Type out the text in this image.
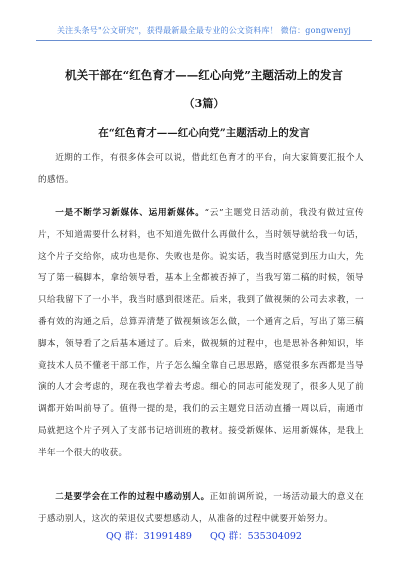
关注头条号"公文研究"，获得最新最全最专业的公文资料库！ 微信：gongwenyj
机关干部在“红色育才——红心向党”主题活动上的发言
（3篇）
在“红色育才——红心向党”主题活动上的发言
近期的工作，有很多体会可以说，借此红色育才的平台，向大家简要汇报个人的感悟。
一是不断学习新媒体、运用新媒体。“云”主题党日活动前，我没有做过宣传片，不知道需要什么材料，也不知道先做什么再做什么，当时领导就给我一句话，这个片子交给你，成功也是你、失败也是你。说实话，我当时感觉到压力山大，先写了第一稿脚本，拿给领导看，基本上全都被否掉了，当我写第二稿的时候，领导只给我留下了一小半，我当时感到很迷茫。后来，我到了做视频的公司去求教，一番有效的沟通之后，总算弄清楚了做视频该怎么做，一个通宵之后，写出了第三稿脚本，领导看了之后基本通过了。后来，做视频的过程中，也是思补各种知识，毕竟技术人员不懂老干部工作，片子怎么编全靠自己思思路，感觉很多东西都是当导演的人才会考虑的，现在我也学着去考虑。细心的同志可能发现了，很多人见了前调都开始叫前导了。值得一提的是，我们的云主题党日活动直播一周以后，南通市局就把这个片子列入了支部书记培训班的教材。接受新媒体、运用新媒体，是我上半年一个很大的收获。
二是要学会在工作的过程中感动别人。正如前调所说，一场活动最大的意义在于感动别人，这次的荣退仪式要想感动人，从准备的过程中就要开始努力。
QQ 群：31991489 QQ 群：535304092
